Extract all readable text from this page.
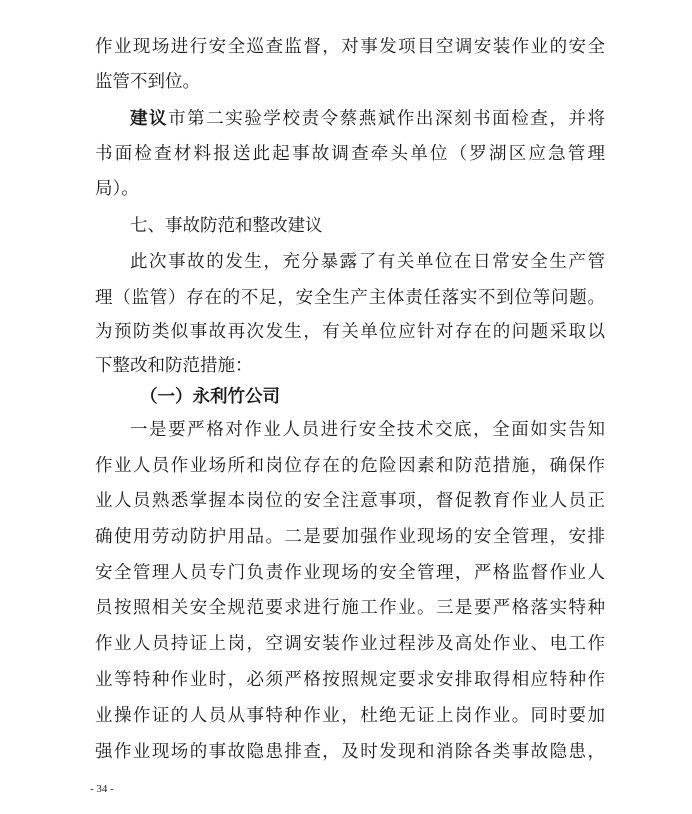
作业现场进行安全巡查监督，对事发项目空调安装作业的安全
监管不到位。
建议市第二实验学校责令蔡燕斌作出深刻书面检查，并将
书面检查材料报送此起事故调查牵头单位（罗湖区应急管理
局）。
七、事故防范和整改建议
此次事故的发生，充分暴露了有关单位在日常安全生产管
理（监管）存在的不足，安全生产主体责任落实不到位等问题。
为预防类似事故再次发生，有关单位应针对存在的问题采取以
下整改和防范措施：
（一）永利竹公司
一是要严格对作业人员进行安全技术交底，全面如实告知
作业人员作业场所和岗位存在的危险因素和防范措施，确保作
业人员熟悉掌握本岗位的安全注意事项，督促教育作业人员正
确使用劳动防护用品。二是要加强作业现场的安全管理，安排
安全管理人员专门负责作业现场的安全管理，严格监督作业人
员按照相关安全规范要求进行施工作业。三是要严格落实特种
作业人员持证上岗，空调安装作业过程涉及高处作业、电工作
业等特种作业时，必须严格按照规定要求安排取得相应特种作
业操作证的人员从事特种作业，杜绝无证上岗作业。同时要加
强作业现场的事故隐患排查，及时发现和消除各类事故隐患，
- 34 -
